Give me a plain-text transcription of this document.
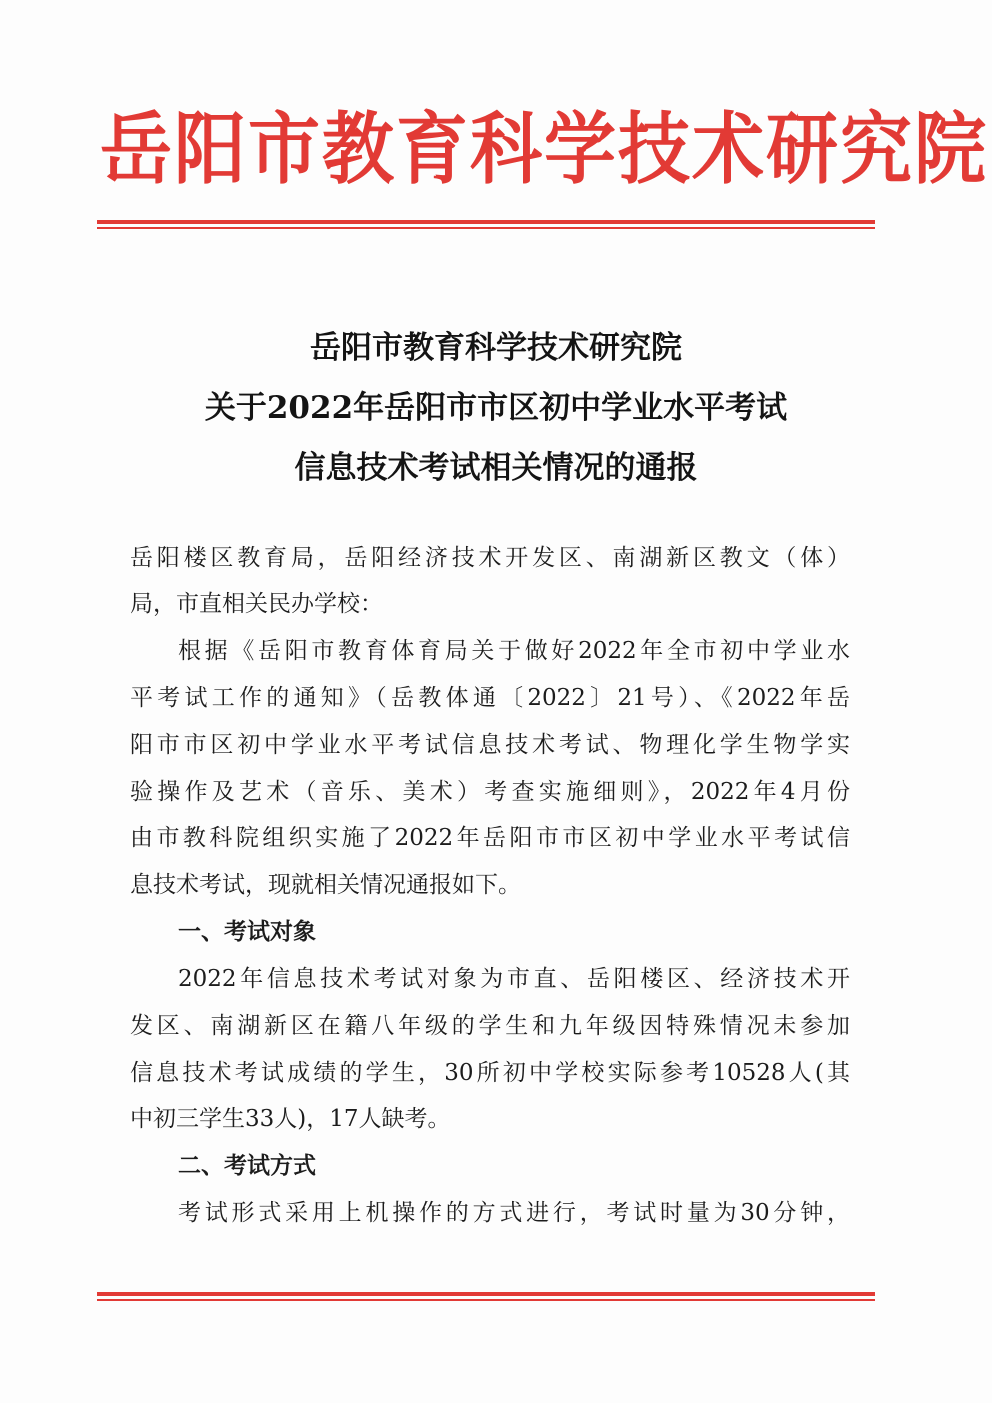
岳阳市教育科学技术研究院
岳阳市教育科学技术研究院
关于2022年岳阳市市区初中学业水平考试
信息技术考试相关情况的通报
岳阳楼区教育局，岳阳经济技术开发区、南湖新区教文（体）
局，市直相关民办学校：
根据《岳阳市教育体育局关于做好2022年全市初中学业水
平考试工作的通知》（岳教体通〔2022〕21号）、《2022年岳
阳市市区初中学业水平考试信息技术考试、物理化学生物学实
验操作及艺术（音乐、美术）考查实施细则》，2022年4月份
由市教科院组织实施了2022年岳阳市市区初中学业水平考试信
息技术考试，现就相关情况通报如下。
一、考试对象
2022年信息技术考试对象为市直、岳阳楼区、经济技术开
发区、南湖新区在籍八年级的学生和九年级因特殊情况未参加
信息技术考试成绩的学生，30所初中学校实际参考10528人(其
中初三学生33人)，17人缺考。
二、考试方式
考试形式采用上机操作的方式进行，考试时量为30分钟，
